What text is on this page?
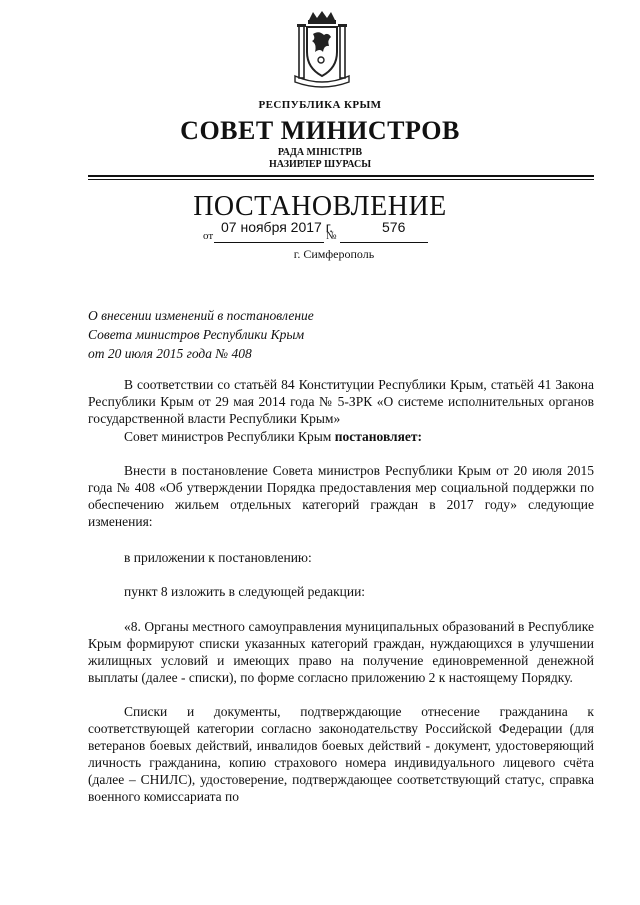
РЕСПУБЛИКА КРЫМ
СОВЕТ МИНИСТРОВ
РАДА МІНІСТРІВ
НАЗИРЛЕР ШУРАСЫ
ПОСТАНОВЛЕНИЕ
07 ноября 2017 г.	576
от	№
г. Симферополь
О внесении изменений в постановление
Совета министров Республики Крым
от 20 июля 2015 года № 408
В соответствии со статьёй 84 Конституции Республики Крым, статьёй 41 Закона Республики Крым от 29 мая 2014 года № 5-ЗРК «О системе исполнительных органов государственной власти Республики Крым»
Совет министров Республики Крым постановляет:
Внести в постановление Совета министров Республики Крым от 20 июля 2015 года № 408 «Об утверждении Порядка предоставления мер социальной поддержки по обеспечению жильем отдельных категорий граждан в 2017 году» следующие изменения:
в приложении к постановлению:
пункт 8 изложить в следующей редакции:
«8. Органы местного самоуправления муниципальных образований в Республике Крым формируют списки указанных категорий граждан, нуждающихся в улучшении жилищных условий и имеющих право на получение единовременной денежной выплаты (далее - списки), по форме согласно приложению 2 к настоящему Порядку.
Списки и документы, подтверждающие отнесение гражданина к соответствующей категории согласно законодательству Российской Федерации (для ветеранов боевых действий, инвалидов боевых действий - документ, удостоверяющий личность гражданина, копию страхового номера индивидуального лицевого счёта (далее – СНИЛС), удостоверение, подтверждающее соответствующий статус, справка военного комиссариата по
